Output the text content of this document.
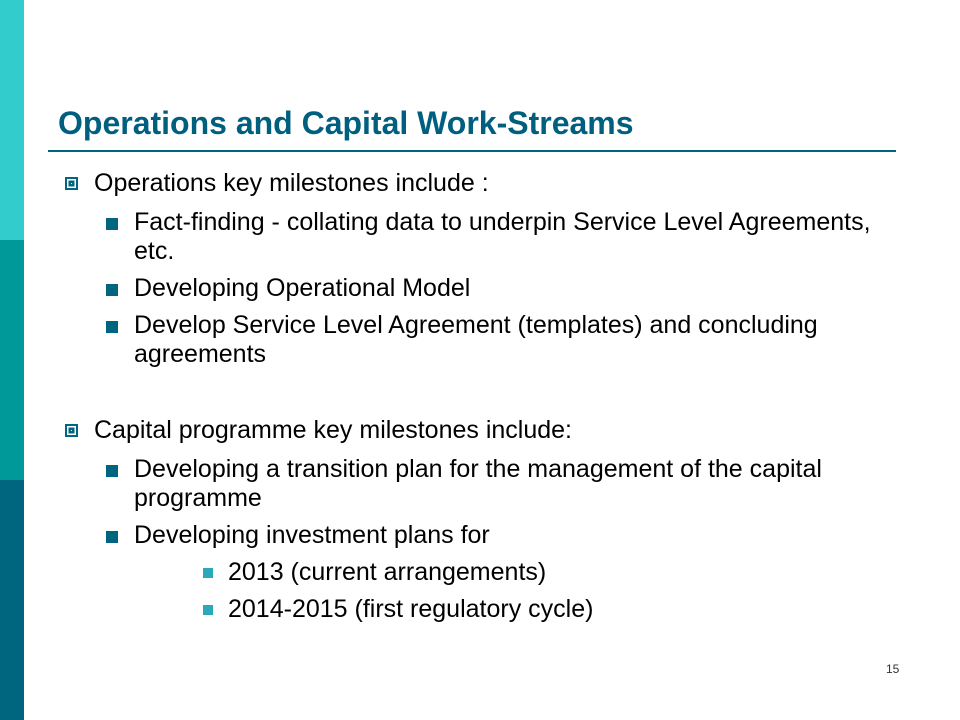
Operations and Capital Work-Streams
Operations key milestones include :
Fact-finding - collating data to underpin Service Level Agreements, etc.
Developing Operational Model
Develop Service Level Agreement (templates) and concluding agreements
Capital programme key milestones include:
Developing a transition plan for the management of the capital programme
Developing investment plans for
2013 (current arrangements)
2014-2015 (first regulatory cycle)
15
